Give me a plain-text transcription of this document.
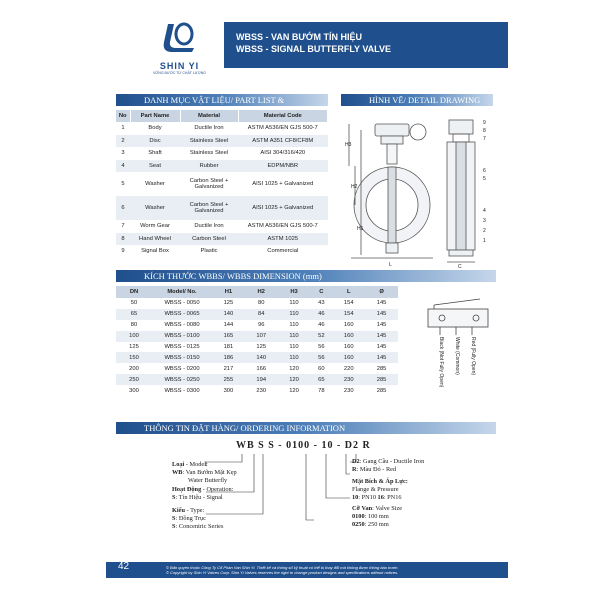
SHIN YI
VỮNG BƯỚC TỪ CHẤT LƯỢNG
WBSS - VAN BƯỚM TÍN HIỆU
WBSS - SIGNAL BUTTERFLY VALVE
DANH MỤC VẬT LIỆU/ PART LIST &	HÌNH VẼ/ DETAIL DRAWING
No	Part Name	Material	Material Code
1	Body	Ductile Iron	ASTM A536/EN GJS 500-7
2	Disc	Stainless Steel	ASTM A351 CF8/CF8M
3	Shaft	Stainless Steel	AISI 304/316/420
4	Seat	Rubber	EDPM/NBR
5	Washer	Carbon Steel + Galvanized	AISI 1025 + Galvanized
6	Washer	Carbon Steel + Galvanized	AISI 1025 + Galvanized
7	Worm Gear	Ductile Iron	ASTM A536/EN GJS 500-7
8	Hand Wheel	Carbon Steel	ASTM 1025
9	Signal Box	Plastic	Commercial
H3
H2
H1
L	C
9
8
7
6
5
4
3
2
1
KÍCH THƯỚC WBBS/ WBBS DIMENSION (mm)
DN	Model/ No.	H1	H2	H3	C	L	Ø
50	WBSS - 0050	125	80	110	43	154	145
65	WBSS - 0065	140	84	110	46	154	145
80	WBSS - 0080	144	96	110	46	160	145
100	WBSS - 0100	165	107	110	52	160	145
125	WBSS - 0125	181	125	110	56	160	145
150	WBSS - 0150	186	140	110	56	160	145
200	WBSS - 0200	217	166	120	60	220	285
250	WBSS - 0250	255	194	120	65	230	285
300	WBSS - 0300	300	230	120	78	230	285
Black (Not Fully Open) White (Common) Red (Fully Open)
THÔNG TIN ĐẶT HÀNG/ ORDERING INFORMATION
WB S S - 0100 - 10 - D2 R
Loại - Model:
WB: Van Bướm Mặt Kẹp
Water Butterfly
Hoạt Động - Operation:
S: Tín Hiệu - Signal
Kiểu - Type:
S: Đồng Trục
S: Concentric Series
D2: Gang Cầu - Ductile Iron
R: Màu Đỏ - Red
Mặt Bích & Áp Lực:
Flange & Pressure
10: PN10 16: PN16
Cỡ Van: Valve Size
0100: 100 mm
0250: 250 mm
42	© Bản quyền thuộc Công Ty Cổ Phần Van Shin Yi. Thiết kế và thông số kỹ thuật có thể bị thay đổi mà không được thông báo trước.
© Copyright by Shin Yi Valves Corp. Shin Yi Valves reserves the right to change product designs and specifications without notices.
